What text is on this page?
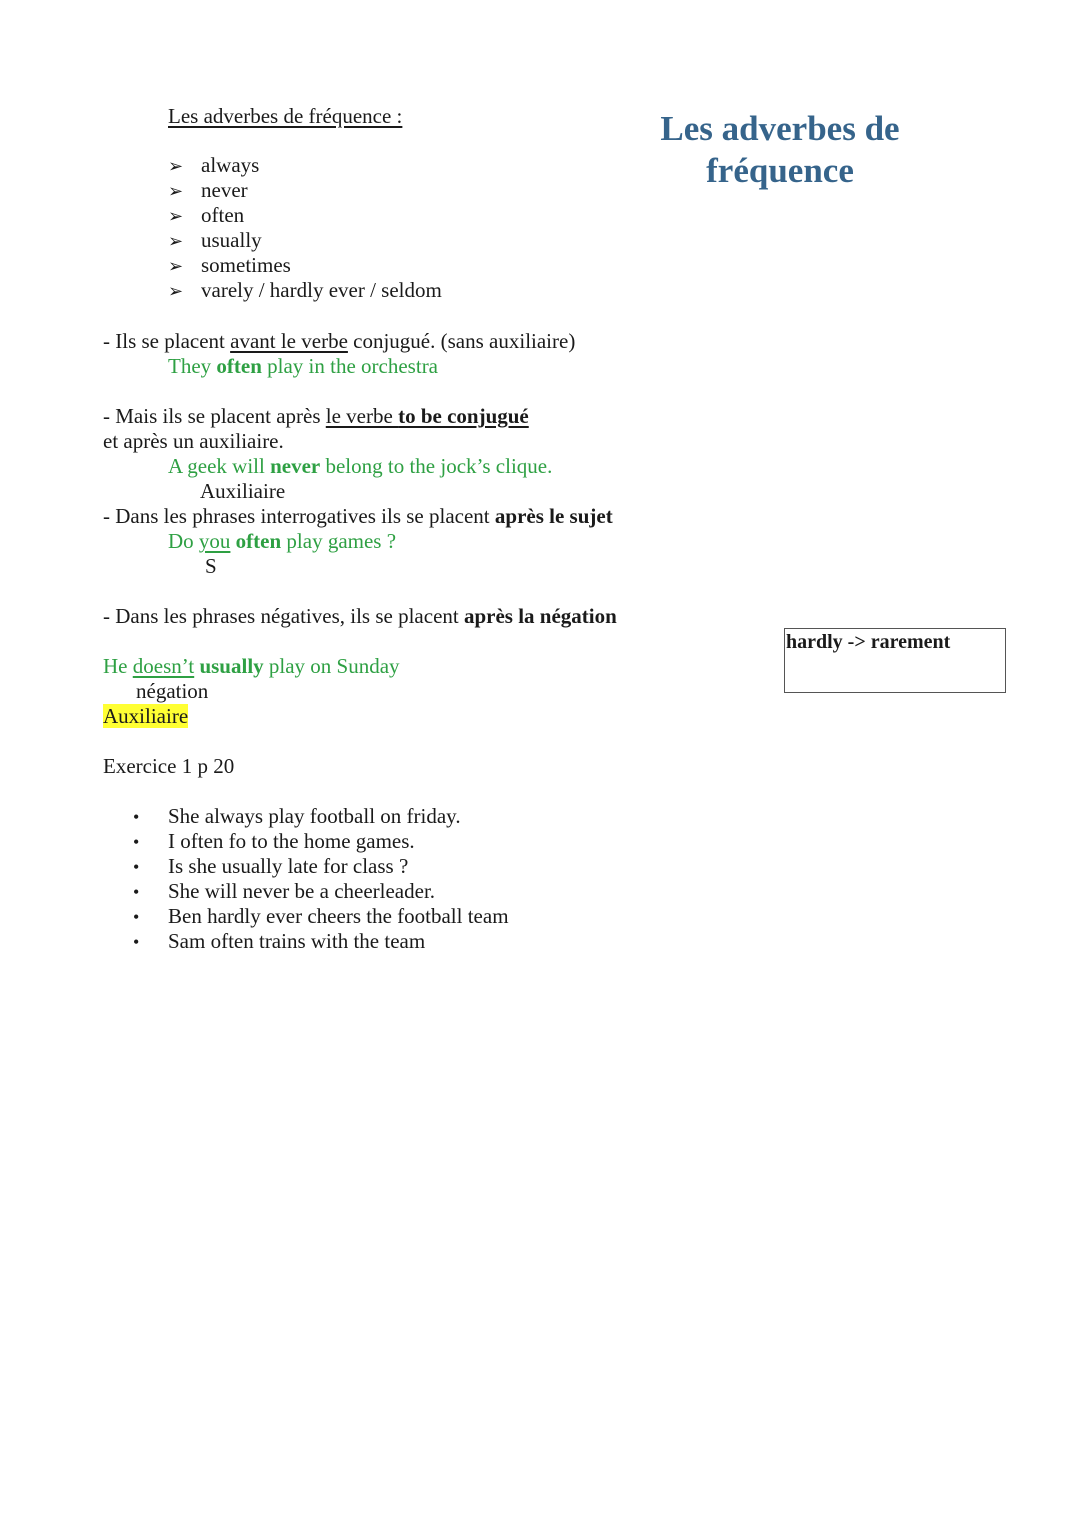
Les adverbes de fréquence :	Les adverbes de
fréquence
➢ always
➢ never
➢ often
➢ usually
➢ sometimes
➢ varely / hardly ever / seldom
- Ils se placent avant le verbe conjugué. (sans auxiliaire)
They often play in the orchestra
- Mais ils se placent après le verbe to be conjugué
et après un auxiliaire.
A geek will never belong to the jock’s clique.
Auxiliaire
- Dans les phrases interrogatives ils se placent après le sujet
Do you often play games ?
S
- Dans les phrases négatives, ils se placent après la négation
He doesn’t usually play on Sunday
négation
Auxiliaire
Exercice 1 p 20
• She always play football on friday.
• I often fo to the home games.
• Is she usually late for class ?
• She will never be a cheerleader.
• Ben hardly ever cheers the football team
• Sam often trains with the team
hardly -> rarement
